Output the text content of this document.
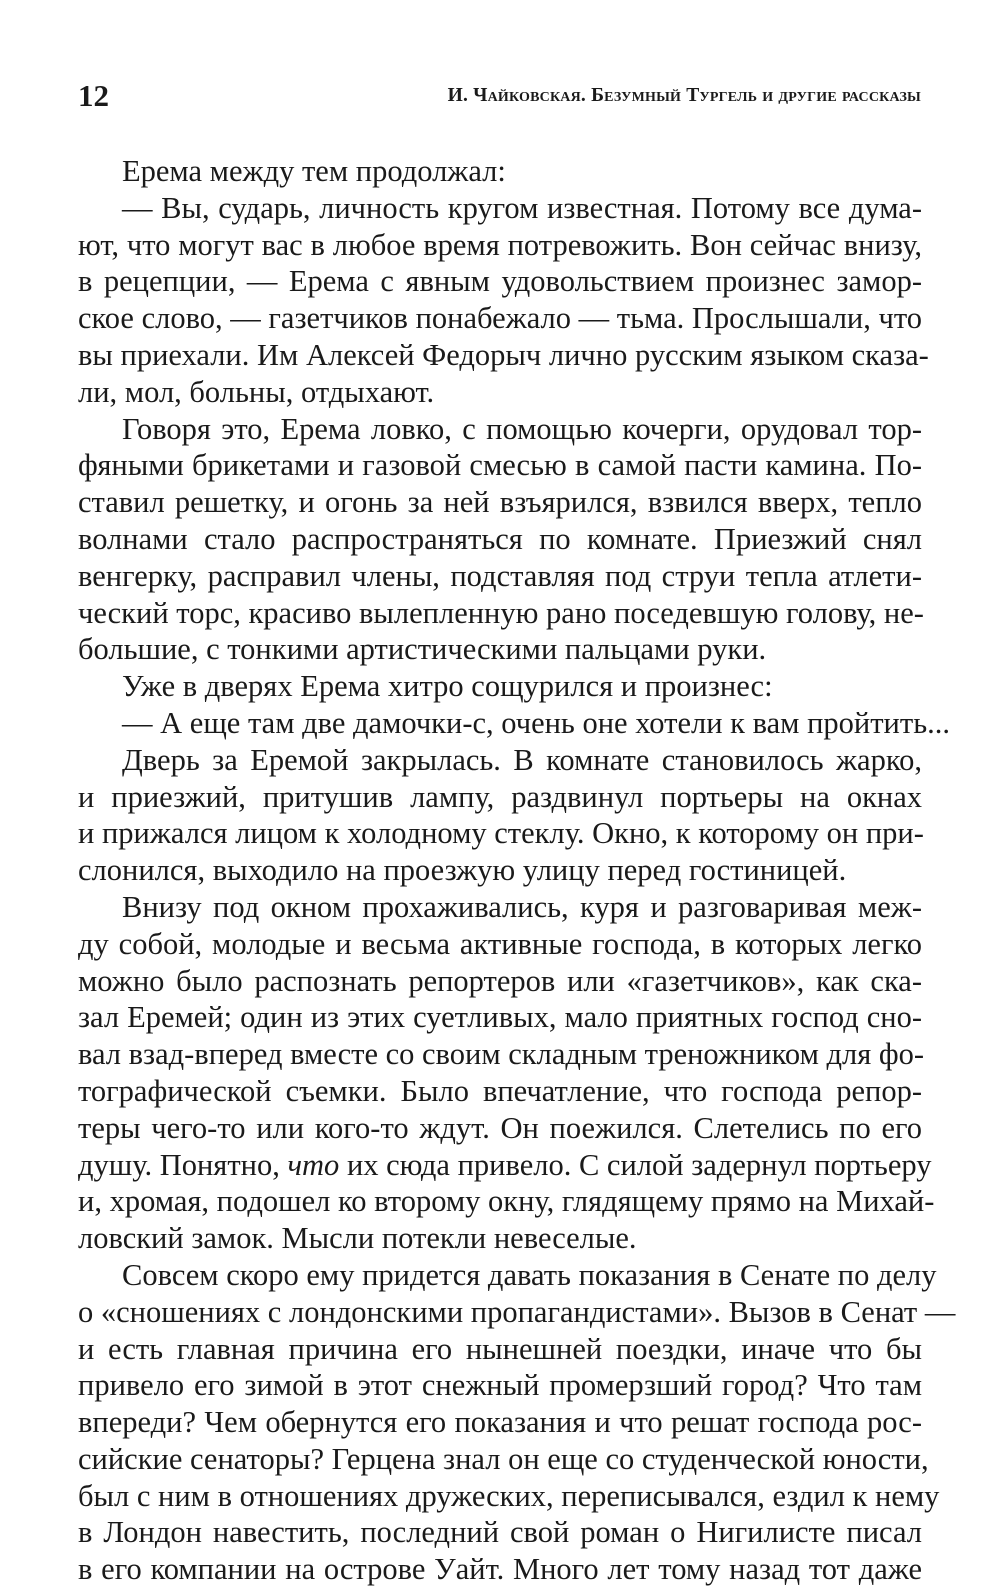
12	И. Чайковская. Безумный Тургель и другие рассказы
Ерема между тем продолжал:
— Вы, сударь, личность кругом известная. Потому все дума-
ют, что могут вас в любое время потревожить. Вон сейчас внизу,
в рецепции, — Ерема с явным удовольствием произнес замор-
ское слово, — газетчиков понабежало — тьма. Прослышали, что
вы приехали. Им Алексей Федорыч лично русским языком сказа-
ли, мол, больны, отдыхают.
Говоря это, Ерема ловко, с помощью кочерги, орудовал тор-
фяными брикетами и газовой смесью в самой пасти камина. По-
ставил решетку, и огонь за ней взъярился, взвился вверх, тепло
волнами стало распространяться по комнате. Приезжий снял
венгерку, расправил члены, подставляя под струи тепла атлети-
ческий торс, красиво вылепленную рано поседевшую голову, не-
большие, с тонкими артистическими пальцами руки.
Уже в дверях Ерема хитро сощурился и произнес:
— А еще там две дамочки-с, очень оне хотели к вам пройтить...
Дверь за Еремой закрылась. В комнате становилось жарко,
и приезжий, притушив лампу, раздвинул портьеры на окнах
и прижался лицом к холодному стеклу. Окно, к которому он при-
слонился, выходило на проезжую улицу перед гостиницей.
Внизу под окном прохаживались, куря и разговаривая меж-
ду собой, молодые и весьма активные господа, в которых легко
можно было распознать репортеров или «газетчиков», как ска-
зал Еремей; один из этих суетливых, мало приятных господ сно-
вал взад-вперед вместе со своим складным треножником для фо-
тографической съемки. Было впечатление, что господа репор-
теры чего-то или кого-то ждут. Он поежился. Слетелись по его
душу. Понятно, что их сюда привело. С силой задернул портьеру
и, хромая, подошел ко второму окну, глядящему прямо на Михай-
ловский замок. Мысли потекли невеселые.
Совсем скоро ему придется давать показания в Сенате по делу
о «сношениях с лондонскими пропагандистами». Вызов в Сенат —
и есть главная причина его нынешней поездки, иначе что бы
привело его зимой в этот снежный промерзший город? Что там
впереди? Чем обернутся его показания и что решат господа рос-
сийские сенаторы? Герцена знал он еще со студенческой юности,
был с ним в отношениях дружеских, переписывался, ездил к нему
в Лондон навестить, последний свой роман о Нигилисте писал
в его компании на острове Уайт. Много лет тому назад тот даже
